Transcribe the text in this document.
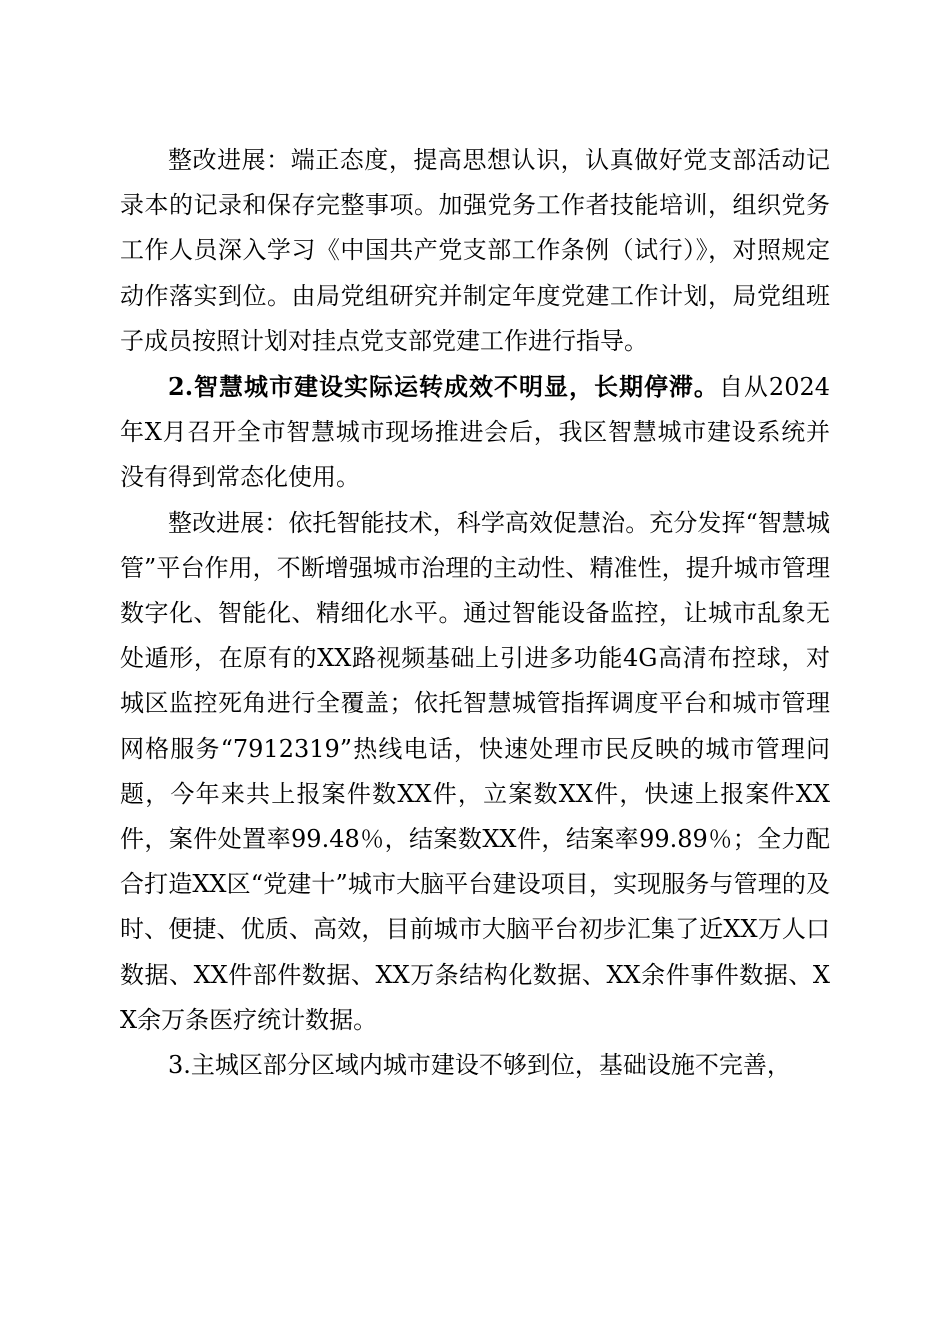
整改进展：端正态度，提高思想认识，认真做好党支部活动记录本的记录和保存完整事项。加强党务工作者技能培训，组织党务工作人员深入学习《中国共产党支部工作条例（试行）》，对照规定动作落实到位。由局党组研究并制定年度党建工作计划，局党组班子成员按照计划对挂点党支部党建工作进行指导。

2.智慧城市建设实际运转成效不明显，长期停滞。自从2024年X月召开全市智慧城市现场推进会后，我区智慧城市建设系统并没有得到常态化使用。

整改进展：依托智能技术，科学高效促慧治。充分发挥“智慧城管”平台作用，不断增强城市治理的主动性、精准性，提升城市管理数字化、智能化、精细化水平。通过智能设备监控，让城市乱象无处遁形，在原有的XX路视频基础上引进多功能4G高清布控球，对城区监控死角进行全覆盖；依托智慧城管指挥调度平台和城市管理网格服务“7912319”热线电话，快速处理市民反映的城市管理问题，今年来共上报案件数XX件，立案数XX件，快速上报案件XX件，案件处置率99.48％，结案数XX件，结案率99.89％；全力配合打造XX区“党建十”城市大脑平台建设项目，实现服务与管理的及时、便捷、优质、高效，目前城市大脑平台初步汇集了近XX万人口数据、XX件部件数据、XX万条结构化数据、XX余件事件数据、XX余万条医疗统计数据。

3.主城区部分区域内城市建设不够到位，基础设施不完善，
